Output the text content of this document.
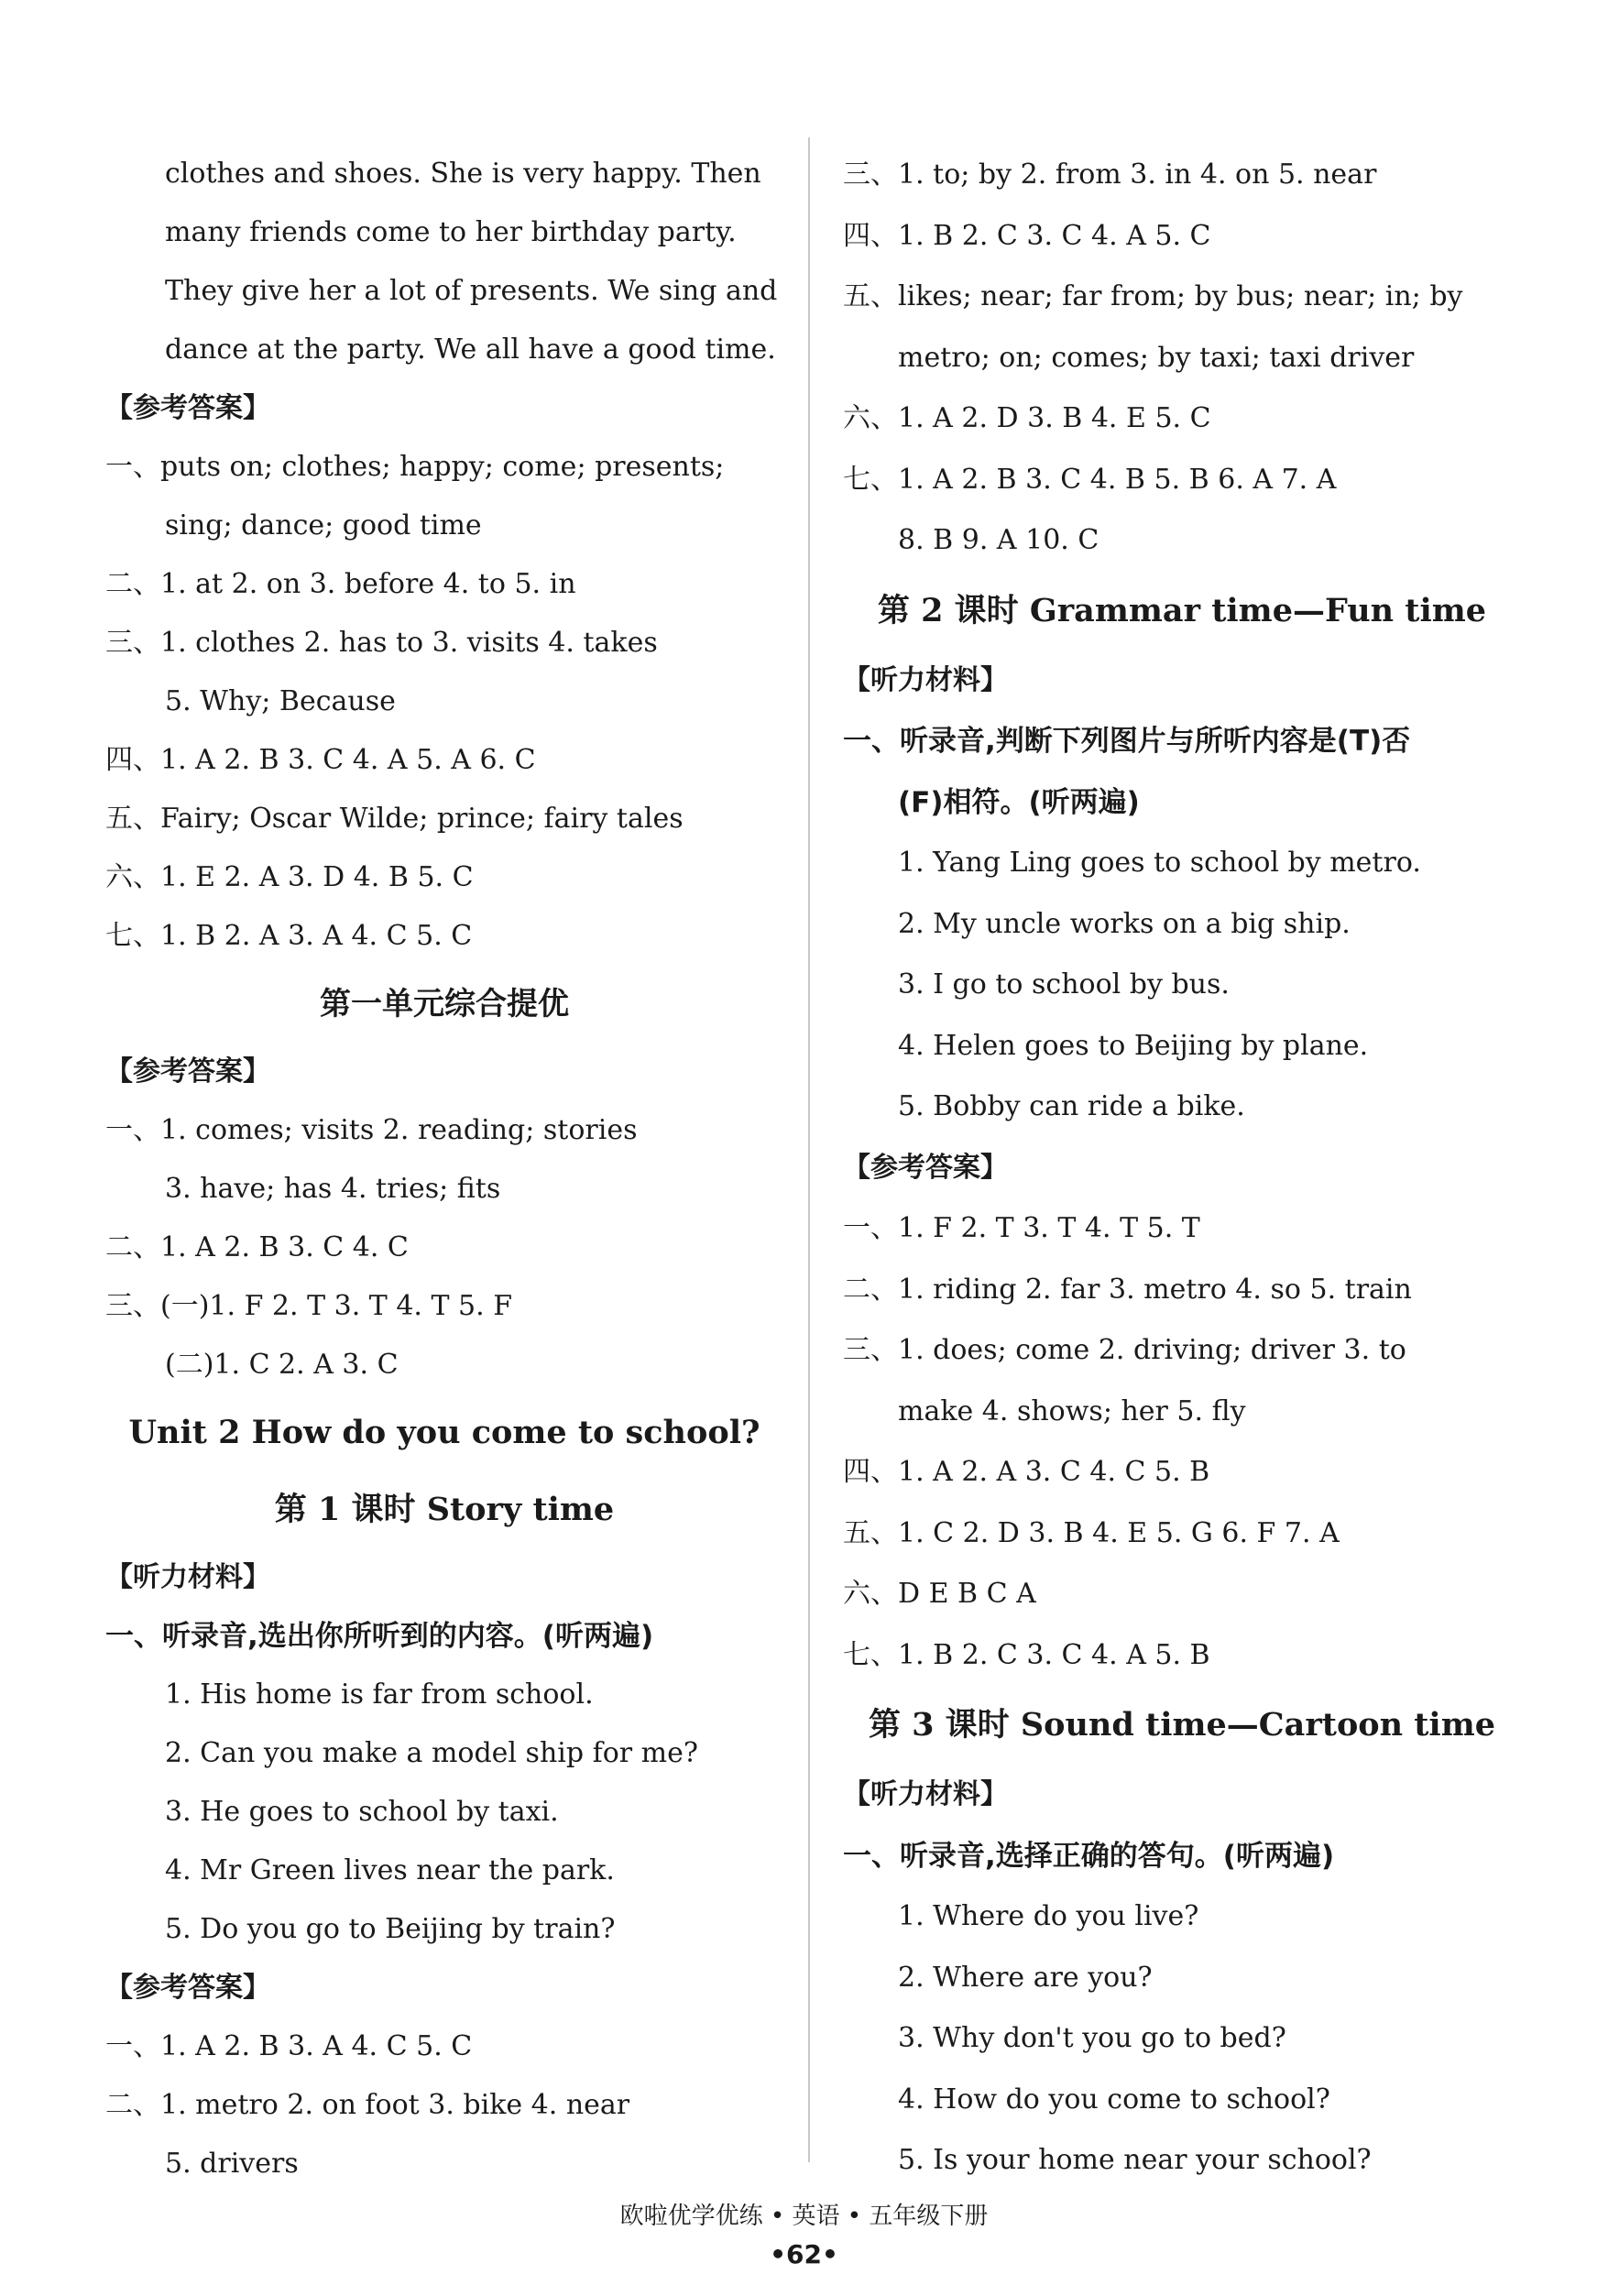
clothes and shoes. She is very happy. Then
many friends come to her birthday party.
They give her a lot of presents. We sing and
dance at the party. We all have a good time.
【参考答案】
一、puts on; clothes; happy; come; presents;
sing; dance; good time
二、1. at 2. on 3. before 4. to 5. in
三、1. clothes 2. has to 3. visits 4. takes
5. Why; Because
四、1. A 2. B 3. C 4. A 5. A 6. C
五、Fairy; Oscar Wilde; prince; fairy tales
六、1. E 2. A 3. D 4. B 5. C
七、1. B 2. A 3. A 4. C 5. C
第一单元综合提优
【参考答案】
一、1. comes; visits 2. reading; stories
3. have; has 4. tries; fits
二、1. A 2. B 3. C 4. C
三、(一)1. F 2. T 3. T 4. T 5. F
(二)1. C 2. A 3. C
Unit 2 How do you come to school?
第 1 课时 Story time
【听力材料】
一、听录音,选出你所听到的内容。(听两遍)
1. His home is far from school.
2. Can you make a model ship for me?
3. He goes to school by taxi.
4. Mr Green lives near the park.
5. Do you go to Beijing by train?
【参考答案】
一、1. A 2. B 3. A 4. C 5. C
二、1. metro 2. on foot 3. bike 4. near
5. drivers
三、1. to; by 2. from 3. in 4. on 5. near
四、1. B 2. C 3. C 4. A 5. C
五、likes; near; far from; by bus; near; in; by
metro; on; comes; by taxi; taxi driver
六、1. A 2. D 3. B 4. E 5. C
七、1. A 2. B 3. C 4. B 5. B 6. A 7. A
8. B 9. A 10. C
第 2 课时 Grammar time—Fun time
【听力材料】
一、听录音,判断下列图片与所听内容是(T)否
(F)相符。(听两遍)
1. Yang Ling goes to school by metro.
2. My uncle works on a big ship.
3. I go to school by bus.
4. Helen goes to Beijing by plane.
5. Bobby can ride a bike.
【参考答案】
一、1. F 2. T 3. T 4. T 5. T
二、1. riding 2. far 3. metro 4. so 5. train
三、1. does; come 2. driving; driver 3. to
make 4. shows; her 5. fly
四、1. A 2. A 3. C 4. C 5. B
五、1. C 2. D 3. B 4. E 5. G 6. F 7. A
六、D E B C A
七、1. B 2. C 3. C 4. A 5. B
第 3 课时 Sound time—Cartoon time
【听力材料】
一、听录音,选择正确的答句。(听两遍)
1. Where do you live?
2. Where are you?
3. Why don't you go to bed?
4. How do you come to school?
5. Is your home near your school?
欧啦优学优练 • 英语 • 五年级下册
•62•
